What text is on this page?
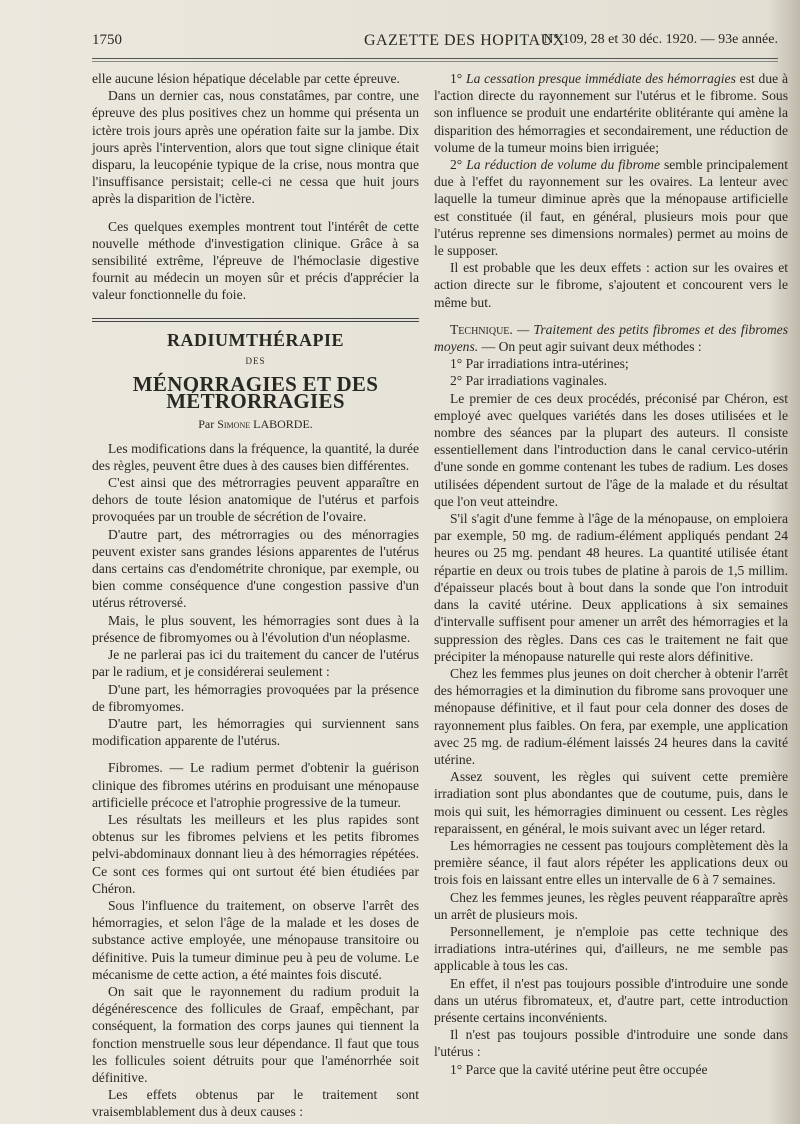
1750	GAZETTE DES HOPITAUX
N° 109, 28 et 30 déc. 1920. — 93e année.

elle aucune lésion hépatique décelable par cette épreuve.

Dans un dernier cas, nous constatâmes, par contre, une épreuve des plus positives chez un homme qui présenta un ictère trois jours après une opération faite sur la jambe. Dix jours après l'intervention, alors que tout signe clinique était disparu, la leucopénie typique de la crise, nous montra que l'insuffisance persistait; celle-ci ne cessa que huit jours après la disparition de l'ictère.

Ces quelques exemples montrent tout l'intérêt de cette nouvelle méthode d'investigation clinique. Grâce à sa sensibilité extrême, l'épreuve de l'hémoclasie digestive fournit au médecin un moyen sûr et précis d'apprécier la valeur fonctionnelle du foie.

RADIUMTHÉRAPIE
DES
MÉNORRAGIES ET DES MÉTRORRAGIES
Par Simone LABORDE.

Les modifications dans la fréquence, la quantité, la durée des règles, peuvent être dues à des causes bien différentes.

C'est ainsi que des métrorragies peuvent apparaître en dehors de toute lésion anatomique de l'utérus et parfois provoquées par un trouble de sécrétion de l'ovaire.

D'autre part, des métrorragies ou des ménorragies peuvent exister sans grandes lésions apparentes de l'utérus dans certains cas d'endométrite chronique, par exemple, ou bien comme conséquence d'une congestion passive d'un utérus rétroversé.

Mais, le plus souvent, les hémorragies sont dues à la présence de fibromyomes ou à l'évolution d'un néoplasme.

Je ne parlerai pas ici du traitement du cancer de l'utérus par le radium, et je considérerai seulement :

D'une part, les hémorragies provoquées par la présence de fibromyomes.

D'autre part, les hémorragies qui surviennent sans modification apparente de l'utérus.

Fibromes. — Le radium permet d'obtenir la guérison clinique des fibromes utérins en produisant une ménopause artificielle précoce et l'atrophie progressive de la tumeur.

Les résultats les meilleurs et les plus rapides sont obtenus sur les fibromes pelviens et les petits fibromes pelvi-abdominaux donnant lieu à des hémorragies répétées. Ce sont ces formes qui ont surtout été bien étudiées par Chéron.

Sous l'influence du traitement, on observe l'arrêt des hémorragies, et selon l'âge de la malade et les doses de substance active employée, une ménopause transitoire ou définitive. Puis la tumeur diminue peu à peu de volume. Le mécanisme de cette action, a été maintes fois discuté.

On sait que le rayonnement du radium produit la dégénérescence des follicules de Graaf, empêchant, par conséquent, la formation des corps jaunes qui tiennent la fonction menstruelle sous leur dépendance. Il faut que tous les follicules soient détruits pour que l'aménorrhée soit définitive.

Les effets obtenus par le traitement sont vraisemblablement dus à deux causes :

1° La cessation presque immédiate des hémorragies est due à l'action directe du rayonnement sur l'utérus et le fibrome. Sous son influence se produit une endartérite oblitérante qui amène la disparition des hémorragies et secondairement, une réduction de volume de la tumeur moins bien irriguée;

2° La réduction de volume du fibrome semble principalement due à l'effet du rayonnement sur les ovaires. La lenteur avec laquelle la tumeur diminue après que la ménopause artificielle est constituée (il faut, en général, plusieurs mois pour que l'utérus reprenne ses dimensions normales) permet au moins de le supposer.

Il est probable que les deux effets : action sur les ovaires et action directe sur le fibrome, s'ajoutent et concourent vers le même but.

Technique. — Traitement des petits fibromes et des fibromes moyens. — On peut agir suivant deux méthodes :

1° Par irradiations intra-utérines;

2° Par irradiations vaginales.

Le premier de ces deux procédés, préconisé par Chéron, est employé avec quelques variétés dans les doses utilisées et le nombre des séances par la plupart des auteurs. Il consiste essentiellement dans l'introduction dans le canal cervico-utérin d'une sonde en gomme contenant les tubes de radium. Les doses utilisées dépendent surtout de l'âge de la malade et du résultat que l'on veut atteindre.

S'il s'agit d'une femme à l'âge de la ménopause, on emploiera par exemple, 50 mg. de radium-élément appliqués pendant 24 heures ou 25 mg. pendant 48 heures. La quantité utilisée étant répartie en deux ou trois tubes de platine à parois de 1,5 millim. d'épaisseur placés bout à bout dans la sonde que l'on introduit dans la cavité utérine. Deux applications à six semaines d'intervalle suffisent pour amener un arrêt des hémorragies et la suppression des règles. Dans ces cas le traitement ne fait que précipiter la ménopause naturelle qui reste alors définitive.

Chez les femmes plus jeunes on doit chercher à obtenir l'arrêt des hémorragies et la diminution du fibrome sans provoquer une ménopause définitive, et il faut pour cela donner des doses de rayonnement plus faibles. On fera, par exemple, une application avec 25 mg. de radium-élément laissés 24 heures dans la cavité utérine.

Assez souvent, les règles qui suivent cette première irradiation sont plus abondantes que de coutume, puis, dans le mois qui suit, les hémorragies diminuent ou cessent. Les règles reparaissent, en général, le mois suivant avec un léger retard.

Les hémorragies ne cessent pas toujours complètement dès la première séance, il faut alors répéter les applications deux ou trois fois en laissant entre elles un intervalle de 6 à 7 semaines.

Chez les femmes jeunes, les règles peuvent réapparaître après un arrêt de plusieurs mois.

Personnellement, je n'emploie pas cette technique des irradiations intra-utérines qui, d'ailleurs, ne me semble pas applicable à tous les cas.

En effet, il n'est pas toujours possible d'introduire une sonde dans un utérus fibromateux, et, d'autre part, cette introduction présente certains inconvénients.

Il n'est pas toujours possible d'introduire une sonde dans l'utérus :

1° Parce que la cavité utérine peut être occupée
